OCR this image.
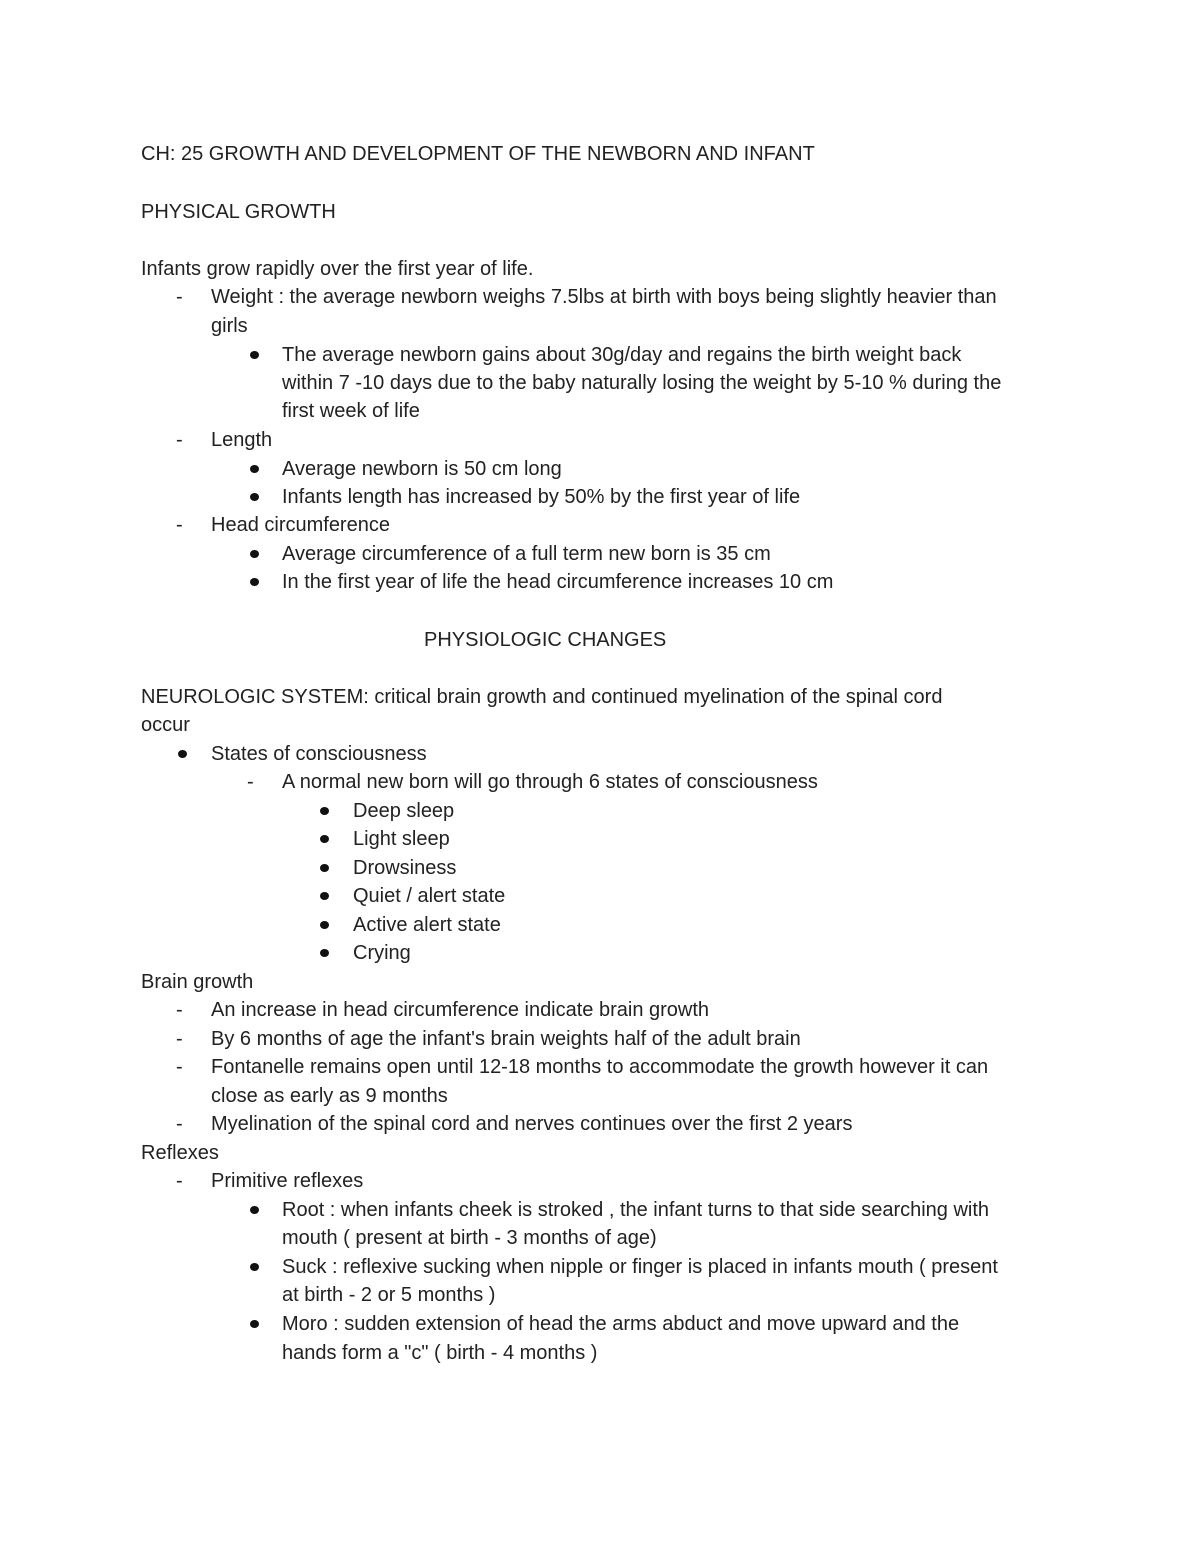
CH: 25 GROWTH AND DEVELOPMENT OF THE NEWBORN AND INFANT
PHYSICAL GROWTH
Infants grow rapidly over the first year of life.
- Weight : the average newborn weighs 7.5lbs at birth with boys being slightly heavier than
girls
The average newborn gains about 30g/day and regains the birth weight back
within 7 -10 days due to the baby naturally losing the weight by 5-10 % during the
first week of life
- Length
Average newborn is 50 cm long
Infants length has increased by 50% by the first year of life
- Head circumference
Average circumference of a full term new born is 35 cm
In the first year of life the head circumference increases 10 cm
PHYSIOLOGIC CHANGES
NEUROLOGIC SYSTEM: critical brain growth and continued myelination of the spinal cord
occur
States of consciousness
- A normal new born will go through 6 states of consciousness
Deep sleep
Light sleep
Drowsiness
Quiet / alert state
Active alert state
Crying
Brain growth
- An increase in head circumference indicate brain growth
- By 6 months of age the infant's brain weights half of the adult brain
- Fontanelle remains open until 12-18 months to accommodate the growth however it can
close as early as 9 months
- Myelination of the spinal cord and nerves continues over the first 2 years
Reflexes
- Primitive reflexes
Root : when infants cheek is stroked , the infant turns to that side searching with
mouth ( present at birth - 3 months of age)
Suck : reflexive sucking when nipple or finger is placed in infants mouth ( present
at birth - 2 or 5 months )
Moro : sudden extension of head the arms abduct and move upward and the
hands form a "c" ( birth - 4 months )
